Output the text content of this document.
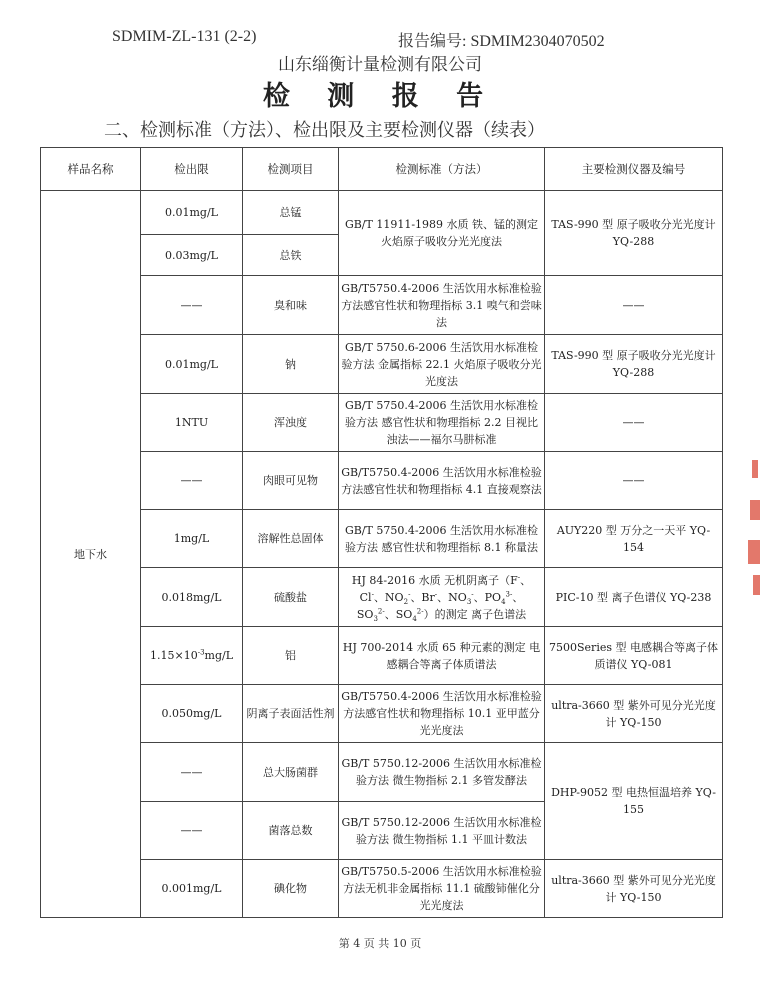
SDMIM-ZL-131 (2-2)	报告编号: SDMIM2304070502
山东缁衡计量检测有限公司
检 测 报 告
二、检测标准（方法）、检出限及主要检测仪器（续表）
样品名称	检出限	检测项目	检测标准（方法）	主要检测仪器及编号
地下水	0.01mg/L	总锰	GB/T 11911-1989 水质 铁、锰的测定 火焰原子吸收分光光度法	TAS-990 型 原子吸收分光光度计 YQ-288
	0.03mg/L	总铁		
	——	臭和味	GB/T5750.4-2006 生活饮用水标准检验方法感官性状和物理指标 3.1 嗅气和尝味法	——
	0.01mg/L	钠	GB/T 5750.6-2006 生活饮用水标准检验方法 金属指标 22.1 火焰原子吸收分光光度法	TAS-990 型 原子吸收分光光度计 YQ-288
	1NTU	浑浊度	GB/T 5750.4-2006 生活饮用水标准检验方法 感官性状和物理指标 2.2 目视比浊法——福尔马肼标准	——
	——	肉眼可见物	GB/T5750.4-2006 生活饮用水标准检验方法感官性状和物理指标 4.1 直接观察法	——
	1mg/L	溶解性总固体	GB/T 5750.4-2006 生活饮用水标准检验方法 感官性状和物理指标 8.1 称量法	AUY220 型 万分之一天平 YQ-154
	0.018mg/L	硫酸盐	HJ 84-2016 水质 无机阴离子（F-、Cl-、$NO_2^-$、Br-、$NO_3^-$、$PO_4^{3-}$、$SO_3^{2-}$、$SO_4^{2-}$）的测定 离子色谱法	PIC-10 型 离子色谱仪 YQ-238
	$1.15\times 10^{-3}mg/L$	铝	HJ 700-2014 水质 65 种元素的测定 电感耦合等离子体质谱法	7500Series 型 电感耦合等离子体质谱仪 YQ-081
	0.050mg/L	阴离子表面活性剂	GB/T5750.4-2006 生活饮用水标准检验方法感官性状和物理指标 10.1 亚甲蓝分光光度法	ultra-3660 型 紫外可见分光光度计 YQ-150
	——	总大肠菌群	GB/T 5750.12-2006 生活饮用水标准检验方法 微生物指标 2.1 多管发酵法	DHP-9052 型 电热恒温培养 YQ-155
	——	菌落总数	GB/T 5750.12-2006 生活饮用水标准检验方法 微生物指标 1.1 平皿计数法	
	0.001mg/L	碘化物	GB/T5750.5-2006 生活饮用水标准检验方法无机非金属指标 11.1 硫酸铈催化分光光度法	ultra-3660 型 紫外可见分光光度计 YQ-150
第 4 页 共 10 页
